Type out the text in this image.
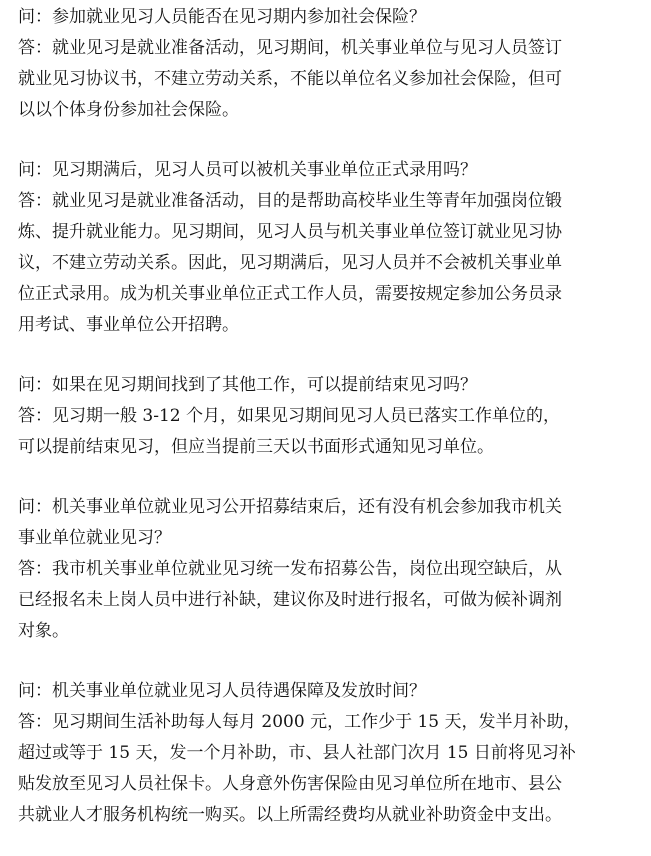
问：参加就业见习人员能否在见习期内参加社会保险？

答：就业见习是就业准备活动，见习期间，机关事业单位与见习人员签订
就业见习协议书，不建立劳动关系，不能以单位名义参加社会保险，但可
以以个体身份参加社会保险。

问：见习期满后，见习人员可以被机关事业单位正式录用吗？

答：就业见习是就业准备活动，目的是帮助高校毕业生等青年加强岗位锻
炼、提升就业能力。见习期间，见习人员与机关事业单位签订就业见习协
议，不建立劳动关系。因此，见习期满后，见习人员并不会被机关事业单
位正式录用。成为机关事业单位正式工作人员，需要按规定参加公务员录
用考试、事业单位公开招聘。

问：如果在见习期间找到了其他工作，可以提前结束见习吗？

答：见习期一般 3-12 个月，如果见习期间见习人员已落实工作单位的，
可以提前结束见习，但应当提前三天以书面形式通知见习单位。

问：机关事业单位就业见习公开招募结束后，还有没有机会参加我市机关
事业单位就业见习？

答：我市机关事业单位就业见习统一发布招募公告，岗位出现空缺后，从
已经报名未上岗人员中进行补缺，建议你及时进行报名，可做为候补调剂
对象。

问：机关事业单位就业见习人员待遇保障及发放时间？

答：见习期间生活补助每人每月 2000 元，工作少于 15 天，发半月补助，
超过或等于 15 天，发一个月补助，市、县人社部门次月 15 日前将见习补
贴发放至见习人员社保卡。人身意外伤害保险由见习单位所在地市、县公
共就业人才服务机构统一购买。以上所需经费均从就业补助资金中支出。
